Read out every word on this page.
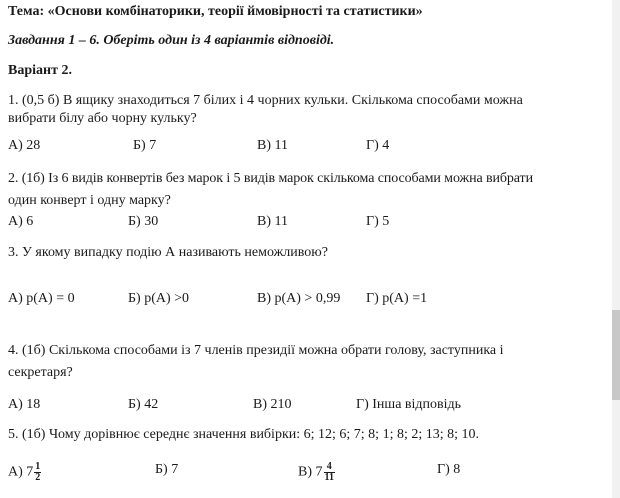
Тема: «Основи комбінаторики, теорії ймовірності та статистики»
Завдання 1 – 6. Оберіть один із 4 варіантів відповіді.
Варіант 2.
1. (0,5 б) В ящику знаходиться 7 білих і 4 чорних кульки. Скількома способами можна
вибрати білу або чорну кульку?
А) 28	Б) 7	В) 11	Г) 4
2. (1б) Із 6 видів конвертів без марок і 5 видів марок скількома способами можна вибрати
один конверт і одну марку?
А) 6	Б) 30	В) 11	Г) 5
3. У якому випадку подію А називають неможливою?
А) р(А) = 0	Б) р(А) >0	В) р(А) > 0,99 Г) р(А) =1
4. (1б) Скількома способами із 7 членів президії можна обрати голову, заступника і
секретаря?
А) 18	Б) 42	В) 210	Г) Інша відповідь
5. (1б) Чому дорівнює середнє значення вибірки: 6; 12; 6; 7; 8; 1; 8; 2; 13; 8; 10.
А) $7 \frac{1}{2}$	Б) 7	В) $7 \frac{4}{11}$	Г) 8
